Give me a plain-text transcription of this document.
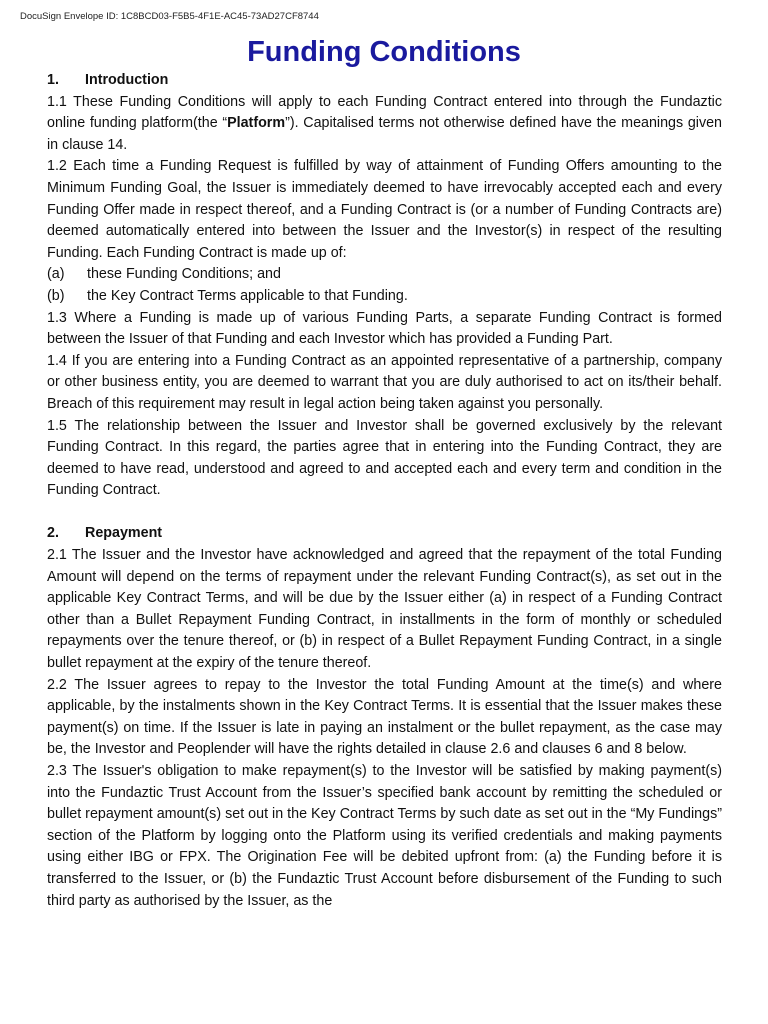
DocuSign Envelope ID: 1C8BCD03-F5B5-4F1E-AC45-73AD27CF8744
Funding Conditions

1. Introduction

1.1 These Funding Conditions will apply to each Funding Contract entered into through the Fundaztic online funding platform(the “Platform”). Capitalised terms not otherwise defined have the meanings given in clause 14.

1.2 Each time a Funding Request is fulfilled by way of attainment of Funding Offers amounting to the Minimum Funding Goal, the Issuer is immediately deemed to have irrevocably accepted each and every Funding Offer made in respect thereof, and a Funding Contract is (or a number of Funding Contracts are) deemed automatically entered into between the Issuer and the Investor(s) in respect of the resulting Funding. Each Funding Contract is made up of:

(a) these Funding Conditions; and

(b) the Key Contract Terms applicable to that Funding.

1.3 Where a Funding is made up of various Funding Parts, a separate Funding Contract is formed between the Issuer of that Funding and each Investor which has provided a Funding Part.

1.4 If you are entering into a Funding Contract as an appointed representative of a partnership, company or other business entity, you are deemed to warrant that you are duly authorised to act on its/their behalf. Breach of this requirement may result in legal action being taken against you personally.

1.5 The relationship between the Issuer and Investor shall be governed exclusively by the relevant Funding Contract. In this regard, the parties agree that in entering into the Funding Contract, they are deemed to have read, understood and agreed to and accepted each and every term and condition in the Funding Contract.

2. Repayment

2.1 The Issuer and the Investor have acknowledged and agreed that the repayment of the total Funding Amount will depend on the terms of repayment under the relevant Funding Contract(s), as set out in the applicable Key Contract Terms, and will be due by the Issuer either (a) in respect of a Funding Contract other than a Bullet Repayment Funding Contract, in installments in the form of monthly or scheduled repayments over the tenure thereof, or (b) in respect of a Bullet Repayment Funding Contract, in a single bullet repayment at the expiry of the tenure thereof.

2.2 The Issuer agrees to repay to the Investor the total Funding Amount at the time(s) and where applicable, by the instalments shown in the Key Contract Terms. It is essential that the Issuer makes these payment(s) on time. If the Issuer is late in paying an instalment or the bullet repayment, as the case may be, the Investor and Peoplender will have the rights detailed in clause 2.6 and clauses 6 and 8 below.

2.3 The Issuer's obligation to make repayment(s) to the Investor will be satisfied by making payment(s) into the Fundaztic Trust Account from the Issuer’s specified bank account by remitting the scheduled or bullet repayment amount(s) set out in the Key Contract Terms by such date as set out in the “My Fundings” section of the Platform by logging onto the Platform using its verified credentials and making payments using either IBG or FPX. The Origination Fee will be debited upfront from: (a) the Funding before it is transferred to the Issuer, or (b) the Fundaztic Trust Account before disbursement of the Funding to such third party as authorised by the Issuer, as the
